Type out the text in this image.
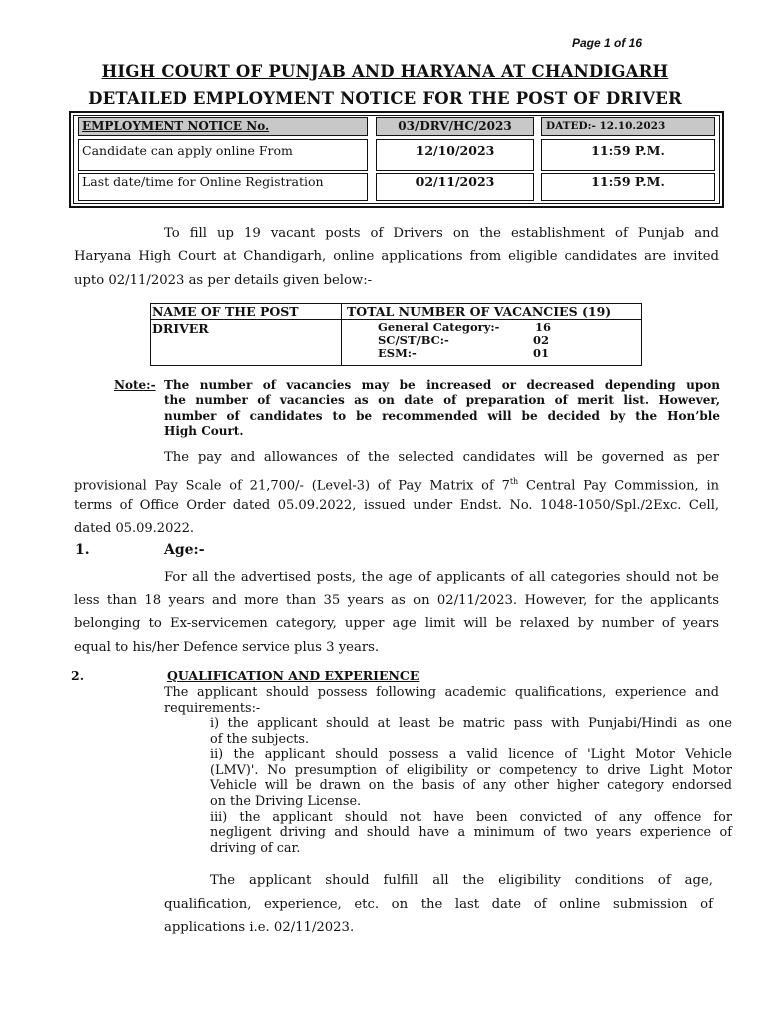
Page 1 of 16
HIGH COURT OF PUNJAB AND HARYANA AT CHANDIGARH
DETAILED EMPLOYMENT NOTICE FOR THE POST OF DRIVER
EMPLOYMENT NOTICE No.	03/DRV/HC/2023	DATED:- 12.10.2023
Candidate can apply online From	12/10/2023	11:59 P.M.
Last date/time for Online Registration	02/11/2023	11:59 P.M.
To fill up 19 vacant posts of Drivers on the establishment of Punjab and
Haryana High Court at Chandigarh, online applications from eligible candidates are invited
upto 02/11/2023 as per details given below:-
NAME OF THE POST	TOTAL NUMBER OF VACANCIES (19)
DRIVER	General Category:-	16
SC/ST/BC:-	02
ESM:-	01
Note:- The number of vacancies may be increased or decreased depending upon
the number of vacancies as on date of preparation of merit list. However,
number of candidates to be recommended will be decided by the Hon’ble
High Court.
The pay and allowances of the selected candidates will be governed as per
provisional Pay Scale of 21,700/- (Level-3) of Pay Matrix of 7th Central Pay Commission, in
terms of Office Order dated 05.09.2022, issued under Endst. No. 1048-1050/Spl./2Exc. Cell,
dated 05.09.2022.
1.	Age:-
For all the advertised posts, the age of applicants of all categories should not be
less than 18 years and more than 35 years as on 02/11/2023. However, for the applicants
belonging to Ex-servicemen category, upper age limit will be relaxed by number of years
equal to his/her Defence service plus 3 years.
2.	QUALIFICATION AND EXPERIENCE
The applicant should possess following academic qualifications, experience and
requirements:-
i) the applicant should at least be matric pass with Punjabi/Hindi as one
of the subjects.
ii) the applicant should possess a valid licence of 'Light Motor Vehicle
(LMV)'. No presumption of eligibility or competency to drive Light Motor
Vehicle will be drawn on the basis of any other higher category endorsed
on the Driving License.
iii) the applicant should not have been convicted of any offence for
negligent driving and should have a minimum of two years experience of
driving of car.
The applicant should fulfill all the eligibility conditions of age,
qualification, experience, etc. on the last date of online submission of
applications i.e. 02/11/2023.
